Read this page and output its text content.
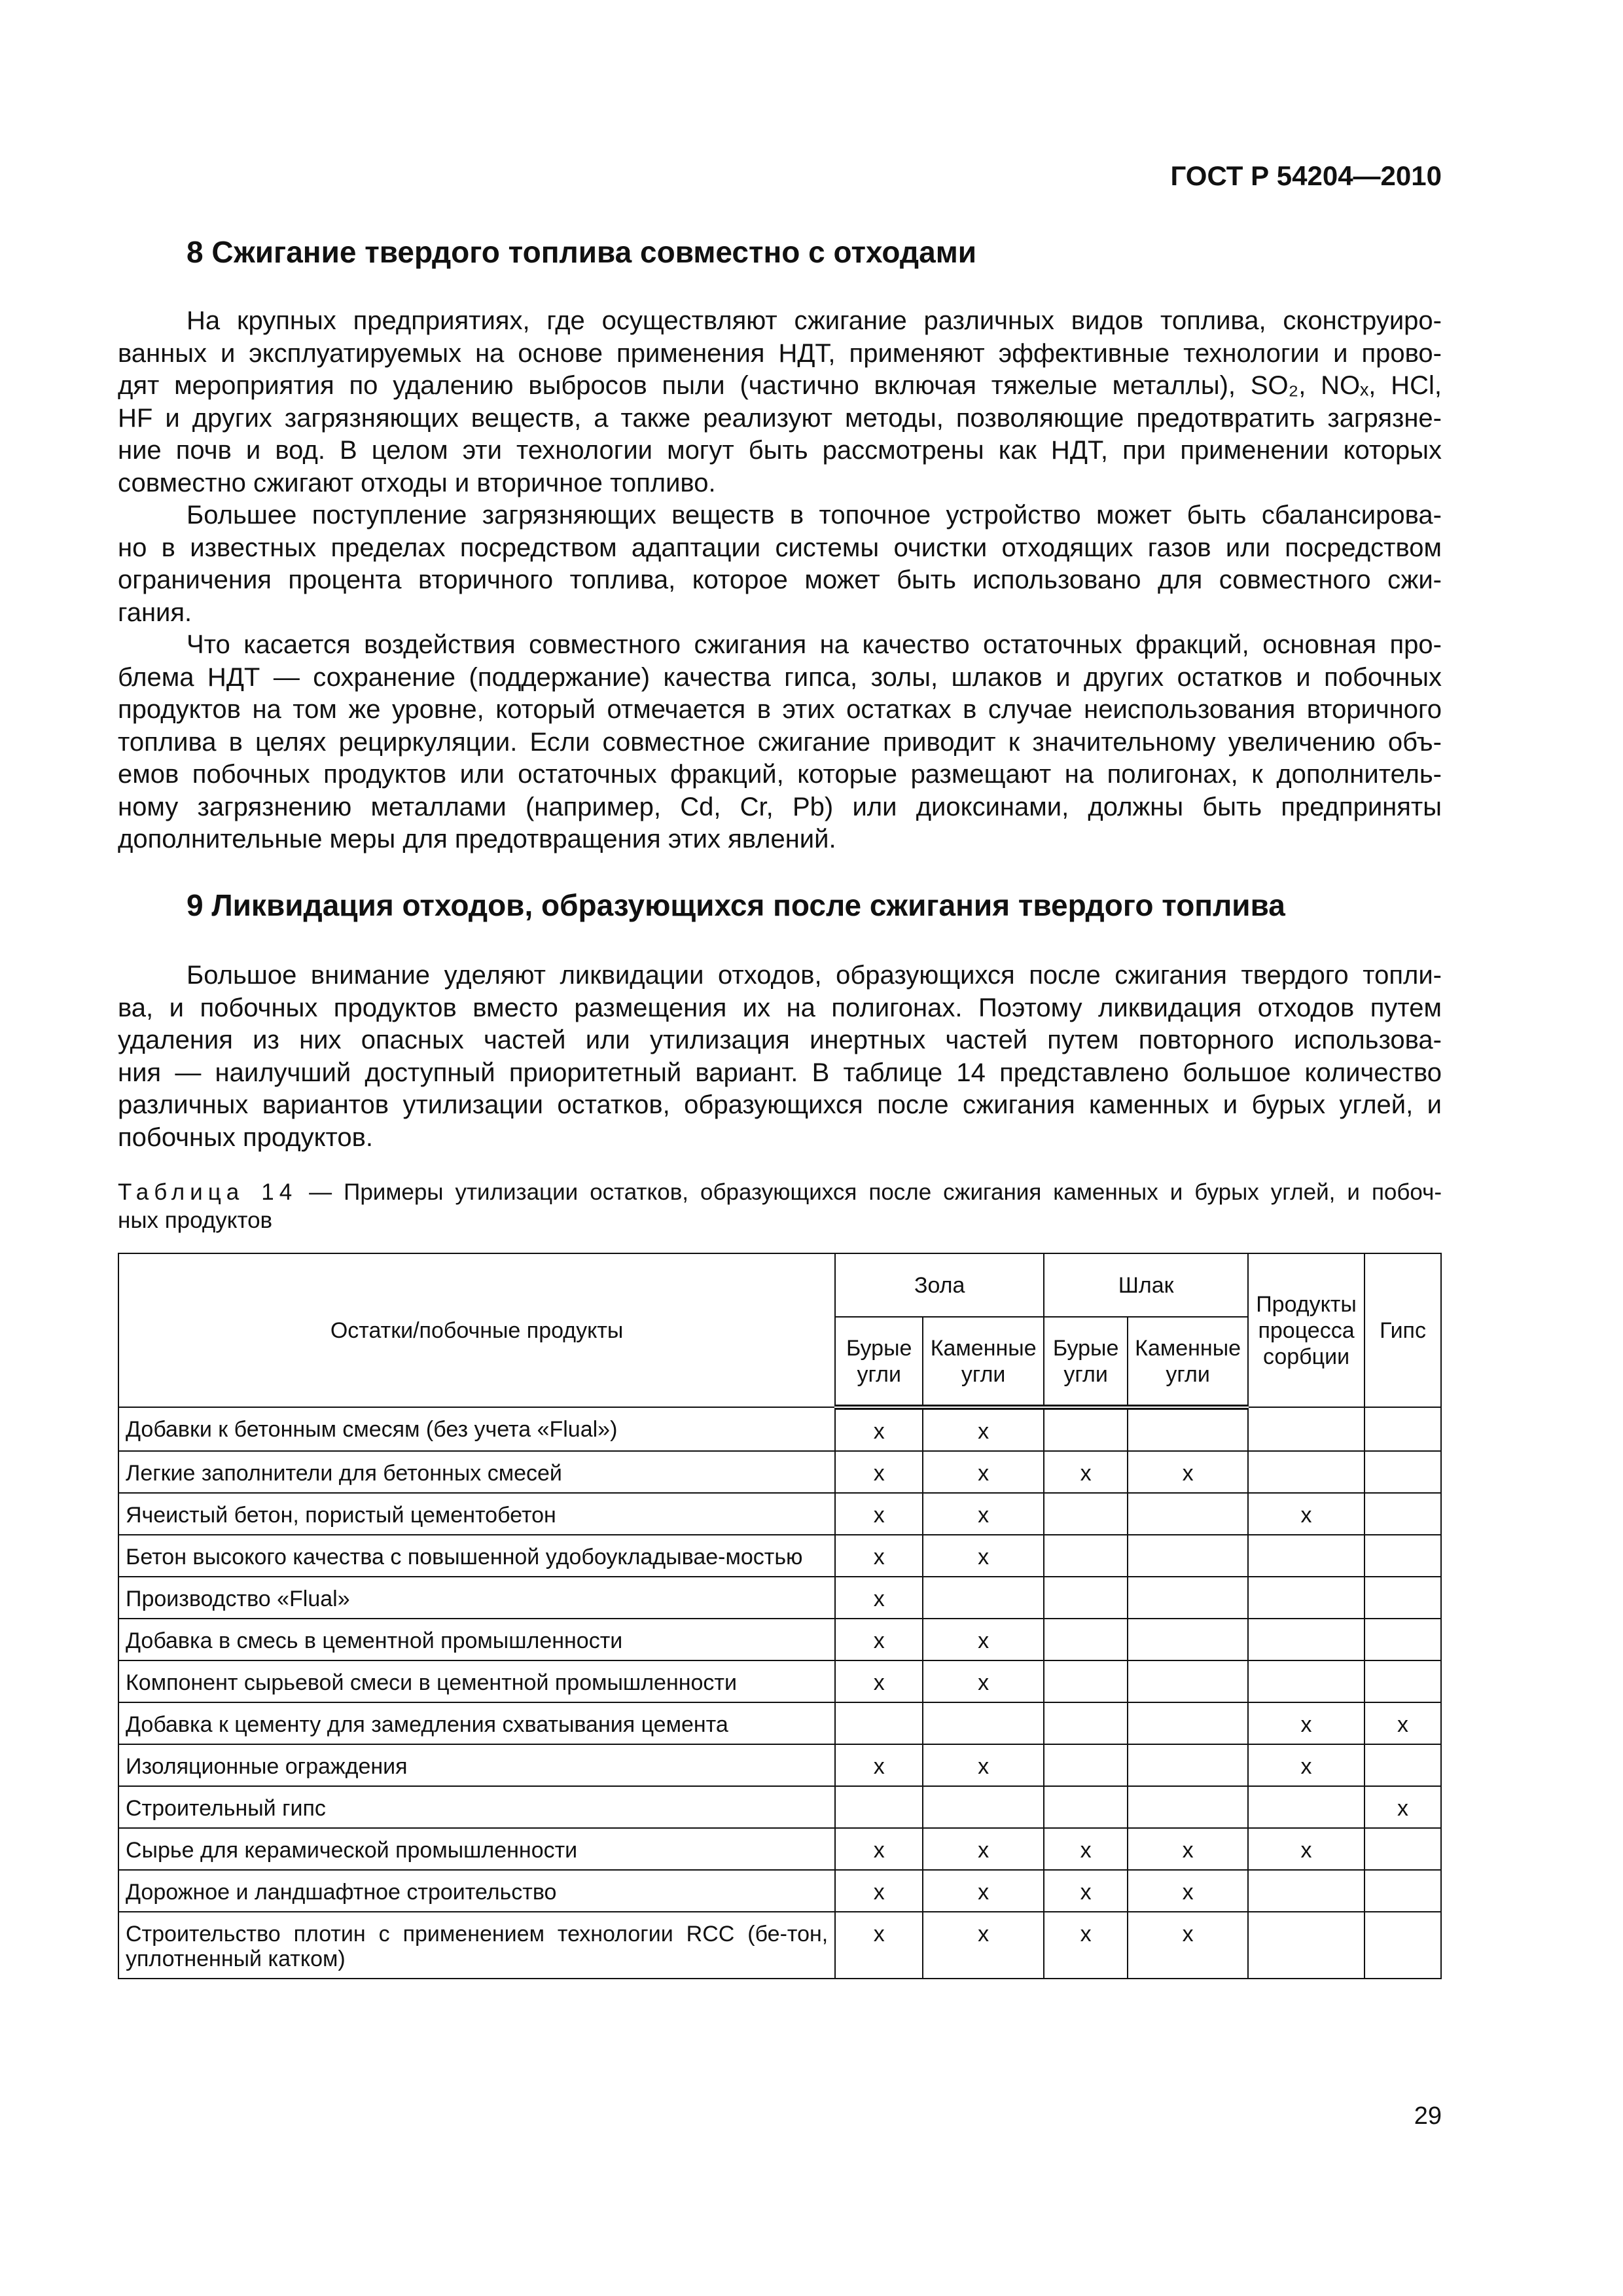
ГОСТ Р 54204—2010
8 Сжигание твердого топлива совместно с отходами
На крупных предприятиях, где осуществляют сжигание различных видов топлива, сконструиро-
ванных и эксплуатируемых на основе применения НДТ, применяют эффективные технологии и прово-
дят мероприятия по удалению выбросов пыли (частично включая тяжелые металлы), SO₂, NOₓ, HCl,
HF и других загрязняющих веществ, а также реализуют методы, позволяющие предотвратить загрязне-
ние почв и вод. В целом эти технологии могут быть рассмотрены как НДТ, при применении которых
совместно сжигают отходы и вторичное топливо.
Большее поступление загрязняющих веществ в топочное устройство может быть сбалансирова-
но в известных пределах посредством адаптации системы очистки отходящих газов или посредством
ограничения процента вторичного топлива, которое может быть использовано для совместного сжи-
гания.
Что касается воздействия совместного сжигания на качество остаточных фракций, основная про-
блема НДТ — сохранение (поддержание) качества гипса, золы, шлаков и других остатков и побочных
продуктов на том же уровне, который отмечается в этих остатках в случае неиспользования вторичного
топлива в целях рециркуляции. Если совместное сжигание приводит к значительному увеличению объ-
емов побочных продуктов или остаточных фракций, которые размещают на полигонах, к дополнитель-
ному загрязнению металлами (например, Cd, Cr, Pb) или диоксинами, должны быть предприняты
дополнительные меры для предотвращения этих явлений.
9 Ликвидация отходов, образующихся после сжигания твердого топлива
Большое внимание уделяют ликвидации отходов, образующихся после сжигания твердого топли-
ва, и побочных продуктов вместо размещения их на полигонах. Поэтому ликвидация отходов путем
удаления из них опасных частей или утилизация инертных частей путем повторного использова-
ния — наилучший доступный приоритетный вариант. В таблице 14 представлено большое количество
различных вариантов утилизации остатков, образующихся после сжигания каменных и бурых углей, и
побочных продуктов.
Таблица 14 — Примеры утилизации остатков, образующихся после сжигания каменных и бурых углей, и побоч-
ных продуктов
Остатки/побочные продукты	Зола		Шлак		Продукты процесса сорбции	Гипс
	Бурые угли	Каменные угли	Бурые угли	Каменные угли		
Добавки к бетонным смесям (без учета «Flual»)	x	x				
Легкие заполнители для бетонных смесей	x	x	x	x		
Ячеистый бетон, пористый цементобетон	x	x			x	
Бетон высокого качества с повышенной удобоукладывае-мостью	x	x				
Производство «Flual»	x					
Добавка в смесь в цементной промышленности	x	x				
Компонент сырьевой смеси в цементной промышленности	x	x				
Добавка к цементу для замедления схватывания цемента					x	x
Изоляционные ограждения	x	x			x	
Строительный гипс						x
Сырье для керамической промышленности	x	x	x	x	x	
Дорожное и ландшафтное строительство	x	x	x	x		
Строительство плотин с применением технологии RCC (бе-тон, уплотненный катком)	x	x	x	x		
29
